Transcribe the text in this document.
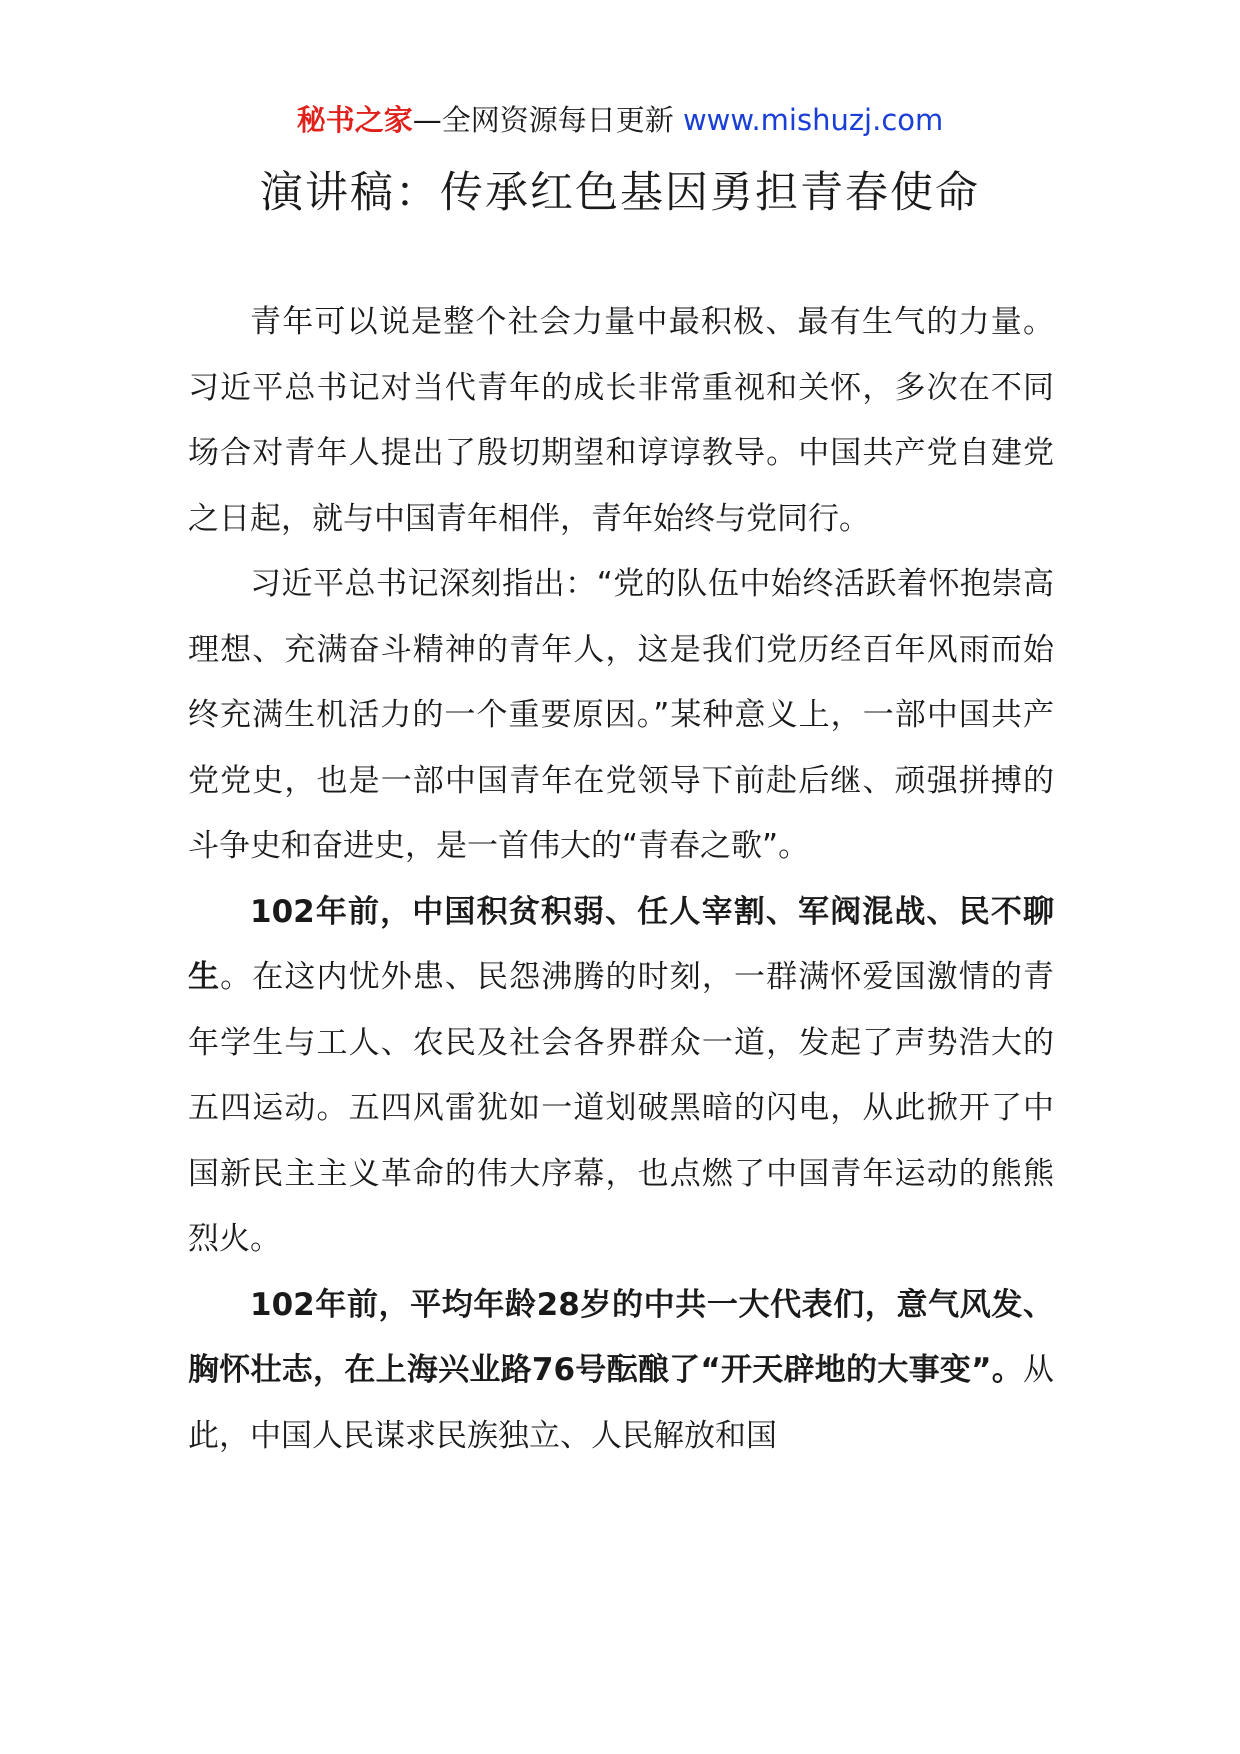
秘书之家—全网资源每日更新 www.mishuzj.com
演讲稿：传承红色基因勇担青春使命

青年可以说是整个社会力量中最积极、最有生气的力量。习近平总书记对当代青年的成长非常重视和关怀，多次在不同场合对青年人提出了殷切期望和谆谆教导。中国共产党自建党之日起，就与中国青年相伴，青年始终与党同行。

习近平总书记深刻指出：“党的队伍中始终活跃着怀抱崇高理想、充满奋斗精神的青年人，这是我们党历经百年风雨而始终充满生机活力的一个重要原因。”某种意义上，一部中国共产党党史，也是一部中国青年在党领导下前赴后继、顽强拼搏的斗争史和奋进史，是一首伟大的“青春之歌”。

102年前，中国积贫积弱、任人宰割、军阀混战、民不聊生。在这内忧外患、民怨沸腾的时刻，一群满怀爱国激情的青年学生与工人、农民及社会各界群众一道，发起了声势浩大的五四运动。五四风雷犹如一道划破黑暗的闪电，从此掀开了中国新民主主义革命的伟大序幕，也点燃了中国青年运动的熊熊烈火。

102年前，平均年龄28岁的中共一大代表们，意气风发、胸怀壮志，在上海兴业路76号酝酿了“开天辟地的大事变”。从此，中国人民谋求民族独立、人民解放和国
